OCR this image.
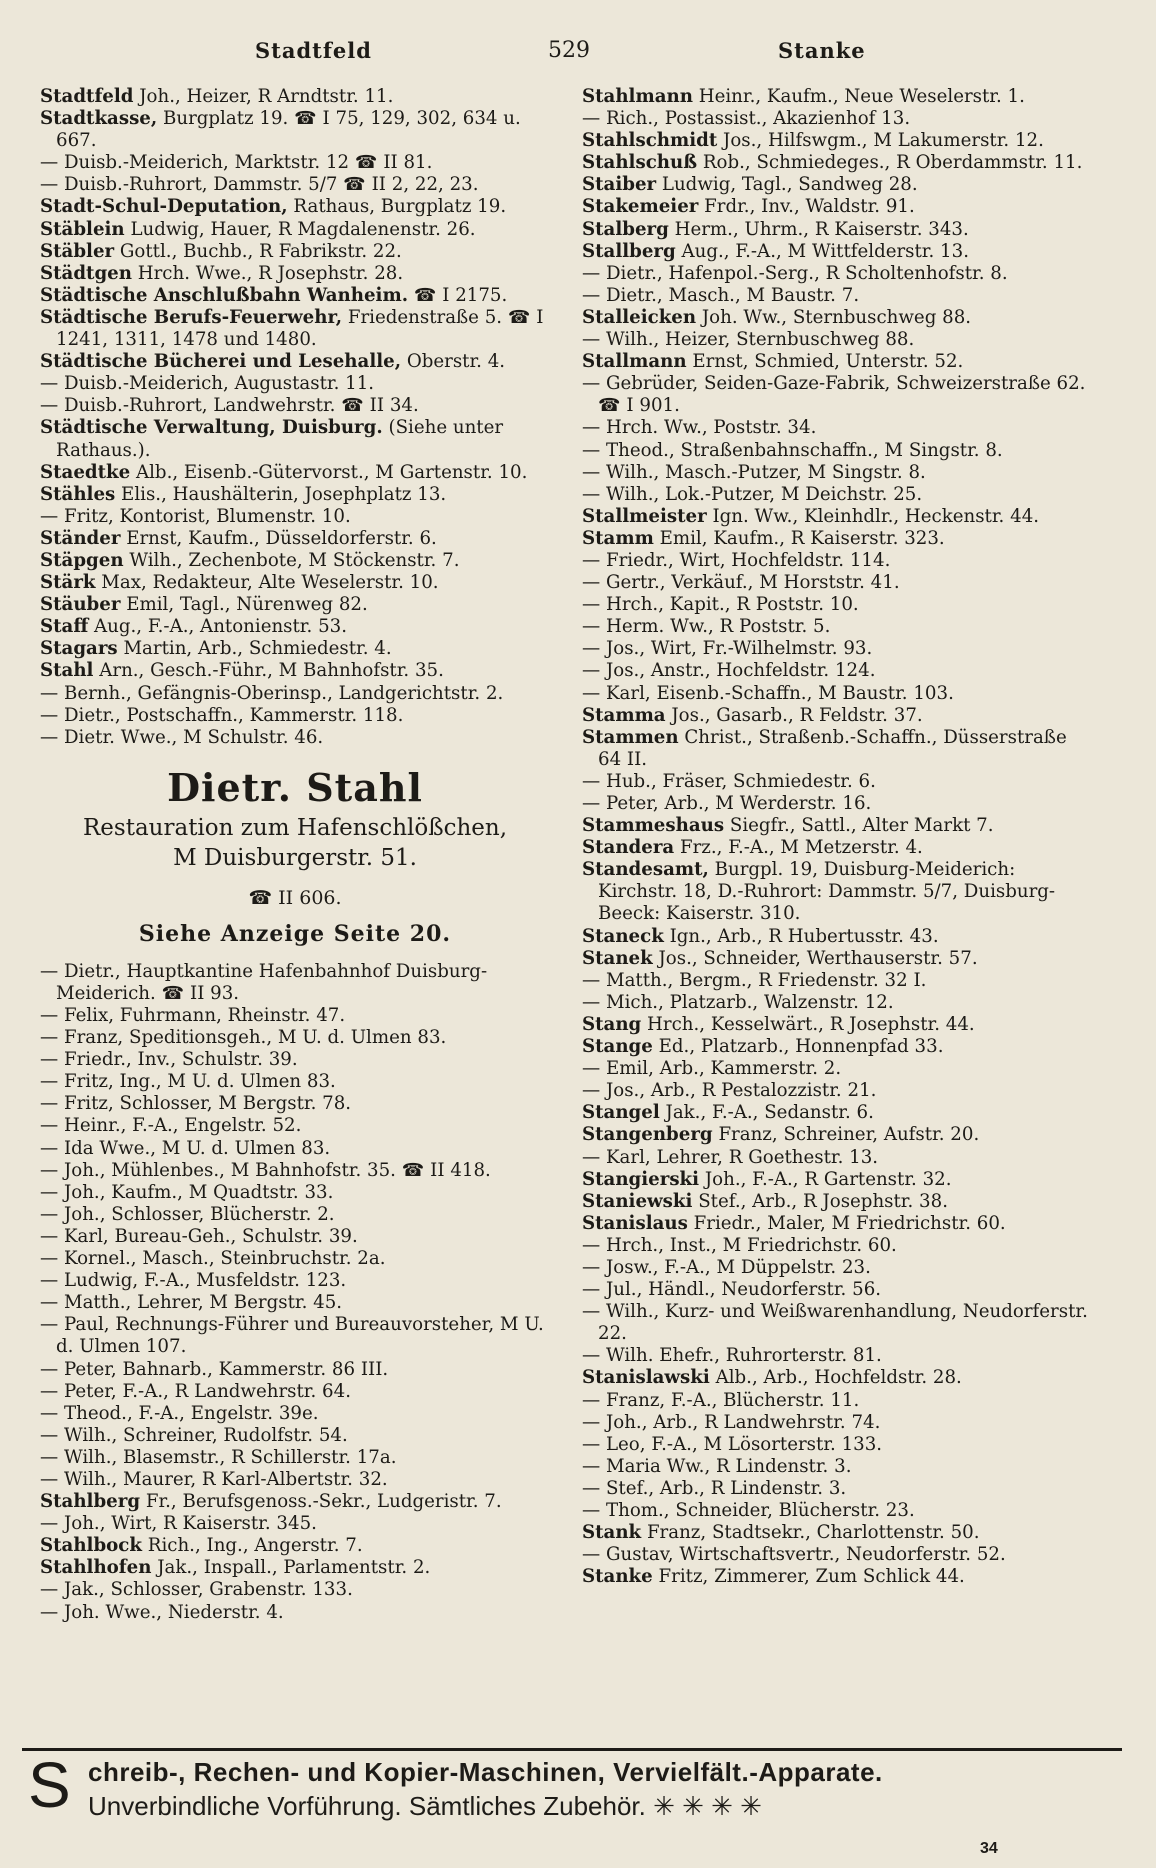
Stadtfeld	529	Stanke

Stadtfeld Joh., Heizer, R Arndtstr. 11.

Stadtkasse, Burgplatz 19. ☎ I 75, 129, 302, 634 u. 667.

— Duisb.-Meiderich, Marktstr. 12 ☎ II 81.

— Duisb.-Ruhrort, Dammstr. 5/7 ☎ II 2, 22, 23.

Stadt-Schul-Deputation, Rathaus, Burgplatz 19.

Stäblein Ludwig, Hauer, R Magdalenenstr. 26.

Stäbler Gottl., Buchb., R Fabrikstr. 22.

Städtgen Hrch. Wwe., R Josephstr. 28.

Städtische Anschlußbahn Wanheim. ☎ I 2175.

Städtische Berufs-Feuerwehr, Friedenstraße 5. ☎ I 1241, 1311, 1478 und 1480.

Städtische Bücherei und Lesehalle, Oberstr. 4.

— Duisb.-Meiderich, Augustastr. 11.

— Duisb.-Ruhrort, Landwehrstr. ☎ II 34.

Städtische Verwaltung, Duisburg. (Siehe unter Rathaus.).

Staedtke Alb., Eisenb.-Gütervorst., M Gartenstr. 10.

Stähles Elis., Haushälterin, Josephplatz 13.

— Fritz, Kontorist, Blumenstr. 10.

Ständer Ernst, Kaufm., Düsseldorferstr. 6.

Stäpgen Wilh., Zechenbote, M Stöckenstr. 7.

Stärk Max, Redakteur, Alte Weselerstr. 10.

Stäuber Emil, Tagl., Nürenweg 82.

Staff Aug., F.-A., Antonienstr. 53.

Stagars Martin, Arb., Schmiedestr. 4.

Stahl Arn., Gesch.-Führ., M Bahnhofstr. 35.

— Bernh., Gefängnis-Oberinsp., Landgerichtstr. 2.

— Dietr., Postschaffn., Kammerstr. 118.

— Dietr. Wwe., M Schulstr. 46.

Dietr. Stahl
Restauration zum Hafenschlößchen,
M Duisburgerstr. 51.
☎ II 606.
Siehe Anzeige Seite 20.

— Dietr., Hauptkantine Hafenbahnhof Duisburg-Meiderich. ☎ II 93.

— Felix, Fuhrmann, Rheinstr. 47.

— Franz, Speditionsgeh., M U. d. Ulmen 83.

— Friedr., Inv., Schulstr. 39.

— Fritz, Ing., M U. d. Ulmen 83.

— Fritz, Schlosser, M Bergstr. 78.

— Heinr., F.-A., Engelstr. 52.

— Ida Wwe., M U. d. Ulmen 83.

— Joh., Mühlenbes., M Bahnhofstr. 35. ☎ II 418.

— Joh., Kaufm., M Quadtstr. 33.

— Joh., Schlosser, Blücherstr. 2.

— Karl, Bureau-Geh., Schulstr. 39.

— Kornel., Masch., Steinbruchstr. 2a.

— Ludwig, F.-A., Musfeldstr. 123.

— Matth., Lehrer, M Bergstr. 45.

— Paul, Rechnungs-Führer und Bureauvorsteher, M U. d. Ulmen 107.

— Peter, Bahnarb., Kammerstr. 86 III.

— Peter, F.-A., R Landwehrstr. 64.

— Theod., F.-A., Engelstr. 39e.

— Wilh., Schreiner, Rudolfstr. 54.

— Wilh., Blasemstr., R Schillerstr. 17a.

— Wilh., Maurer, R Karl-Albertstr. 32.

Stahlberg Fr., Berufsgenoss.-Sekr., Ludgeristr. 7.

— Joh., Wirt, R Kaiserstr. 345.

Stahlbock Rich., Ing., Angerstr. 7.

Stahlhofen Jak., Inspall., Parlamentstr. 2.

— Jak., Schlosser, Grabenstr. 133.

— Joh. Wwe., Niederstr. 4.

Stahlmann Heinr., Kaufm., Neue Weselerstr. 1.

— Rich., Postassist., Akazienhof 13.

Stahlschmidt Jos., Hilfswgm., M Lakumerstr. 12.

Stahlschuß Rob., Schmiedeges., R Oberdammstr. 11.

Staiber Ludwig, Tagl., Sandweg 28.

Stakemeier Frdr., Inv., Waldstr. 91.

Stalberg Herm., Uhrm., R Kaiserstr. 343.

Stallberg Aug., F.-A., M Wittfelderstr. 13.

— Dietr., Hafenpol.-Serg., R Scholtenhofstr. 8.

— Dietr., Masch., M Baustr. 7.

Stalleicken Joh. Ww., Sternbuschweg 88.

— Wilh., Heizer, Sternbuschweg 88.

Stallmann Ernst, Schmied, Unterstr. 52.

— Gebrüder, Seiden-Gaze-Fabrik, Schweizerstraße 62. ☎ I 901.

— Hrch. Ww., Poststr. 34.

— Theod., Straßenbahnschaffn., M Singstr. 8.

— Wilh., Masch.-Putzer, M Singstr. 8.

— Wilh., Lok.-Putzer, M Deichstr. 25.

Stallmeister Ign. Ww., Kleinhdlr., Heckenstr. 44.

Stamm Emil, Kaufm., R Kaiserstr. 323.

— Friedr., Wirt, Hochfeldstr. 114.

— Gertr., Verkäuf., M Horststr. 41.

— Hrch., Kapit., R Poststr. 10.

— Herm. Ww., R Poststr. 5.

— Jos., Wirt, Fr.-Wilhelmstr. 93.

— Jos., Anstr., Hochfeldstr. 124.

— Karl, Eisenb.-Schaffn., M Baustr. 103.

Stamma Jos., Gasarb., R Feldstr. 37.

Stammen Christ., Straßenb.-Schaffn., Düsserstraße 64 II.

— Hub., Fräser, Schmiedestr. 6.

— Peter, Arb., M Werderstr. 16.

Stammeshaus Siegfr., Sattl., Alter Markt 7.

Standera Frz., F.-A., M Metzerstr. 4.

Standesamt, Burgpl. 19, Duisburg-Meiderich: Kirchstr. 18, D.-Ruhrort: Dammstr. 5/7, Duisburg-Beeck: Kaiserstr. 310.

Staneck Ign., Arb., R Hubertusstr. 43.

Stanek Jos., Schneider, Werthauserstr. 57.

— Matth., Bergm., R Friedenstr. 32 I.

— Mich., Platzarb., Walzenstr. 12.

Stang Hrch., Kesselwärt., R Josephstr. 44.

Stange Ed., Platzarb., Honnenpfad 33.

— Emil, Arb., Kammerstr. 2.

— Jos., Arb., R Pestalozzistr. 21.

Stangel Jak., F.-A., Sedanstr. 6.

Stangenberg Franz, Schreiner, Aufstr. 20.

— Karl, Lehrer, R Goethestr. 13.

Stangierski Joh., F.-A., R Gartenstr. 32.

Staniewski Stef., Arb., R Josephstr. 38.

Stanislaus Friedr., Maler, M Friedrichstr. 60.

— Hrch., Inst., M Friedrichstr. 60.

— Josw., F.-A., M Düppelstr. 23.

— Jul., Händl., Neudorferstr. 56.

— Wilh., Kurz- und Weißwarenhandlung, Neudorferstr. 22.

— Wilh. Ehefr., Ruhrorterstr. 81.

Stanislawski Alb., Arb., Hochfeldstr. 28.

— Franz, F.-A., Blücherstr. 11.

— Joh., Arb., R Landwehrstr. 74.

— Leo, F.-A., M Lösorterstr. 133.

— Maria Ww., R Lindenstr. 3.

— Stef., Arb., R Lindenstr. 3.

— Thom., Schneider, Blücherstr. 23.

Stank Franz, Stadtsekr., Charlottenstr. 50.

— Gustav, Wirtschaftsvertr., Neudorferstr. 52.

Stanke Fritz, Zimmerer, Zum Schlick 44.

S chreib-, Rechen- und Kopier-Maschinen, Vervielfält.-Apparate.
Unverbindliche Vorführung. Sämtliches Zubehör. ✳ ✳ ✳ ✳
34
